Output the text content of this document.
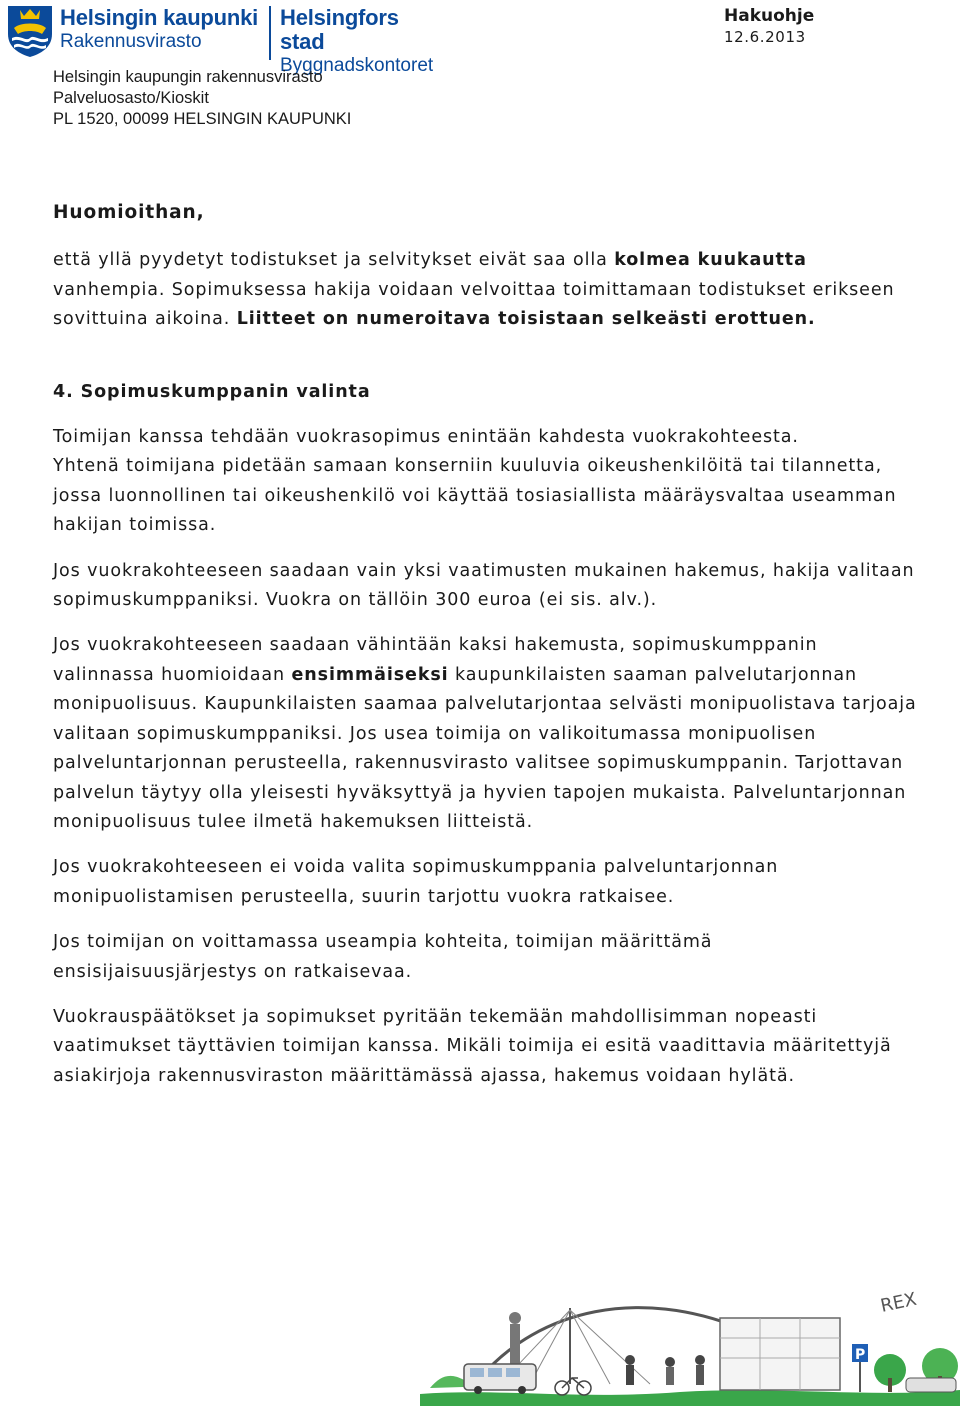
Helsingin kaupunki
Rakennusvirasto
Helsingfors stad
Byggnadskontoret
Hakuohje
12.6.2013
Helsingin kaupungin rakennusvirasto
Palveluosasto/Kioskit
PL 1520, 00099 HELSINGIN KAUPUNKI

Huomioithan,

että yllä pyydetyt todistukset ja selvitykset eivät saa olla kolmea kuukautta vanhempia. Sopimuksessa hakija voidaan velvoittaa toimittamaan todistukset erikseen sovittuina aikoina. Liitteet on numeroitava toisistaan selkeästi erottuen.

4. Sopimuskumppanin valinta

Toimijan kanssa tehdään vuokrasopimus enintään kahdesta vuokrakohteesta.

Yhtenä toimijana pidetään samaan konserniin kuuluvia oikeushenkilöitä tai tilannetta, jossa luonnollinen tai oikeushenkilö voi käyttää tosiasiallista määräysvaltaa useamman hakijan toimissa.

Jos vuokrakohteeseen saadaan vain yksi vaatimusten mukainen hakemus, hakija valitaan sopimuskumppaniksi. Vuokra on tällöin 300 euroa (ei sis. alv.).

Jos vuokrakohteeseen saadaan vähintään kaksi hakemusta, sopimuskumppanin valinnassa huomioidaan ensimmäiseksi kaupunkilaisten saaman palvelutarjonnan monipuolisuus. Kaupunkilaisten saamaa palvelutarjontaa selvästi monipuolistava tarjoaja valitaan sopimuskumppaniksi. Jos usea toimija on valikoitumassa monipuolisen palveluntarjonnan perusteella, rakennusvirasto valitsee sopimuskumppanin. Tarjottavan palvelun täytyy olla yleisesti hyväksyttyä ja hyvien tapojen mukaista. Palveluntarjonnan monipuolisuus tulee ilmetä hakemuksen liitteistä.

Jos vuokrakohteeseen ei voida valita sopimuskumppania palveluntarjonnan monipuolistamisen perusteella, suurin tarjottu vuokra ratkaisee.

Jos toimijan on voittamassa useampia kohteita, toimijan määrittämä ensisijaisuusjärjestys on ratkaisevaa.

Vuokrauspäätökset ja sopimukset pyritään tekemään mahdollisimman nopeasti vaatimukset täyttävien toimijan kanssa. Mikäli toimija ei esitä vaadittavia määritettyjä asiakirjoja rakennusviraston määrittämässä ajassa, hakemus voidaan hylätä.

REX
P
